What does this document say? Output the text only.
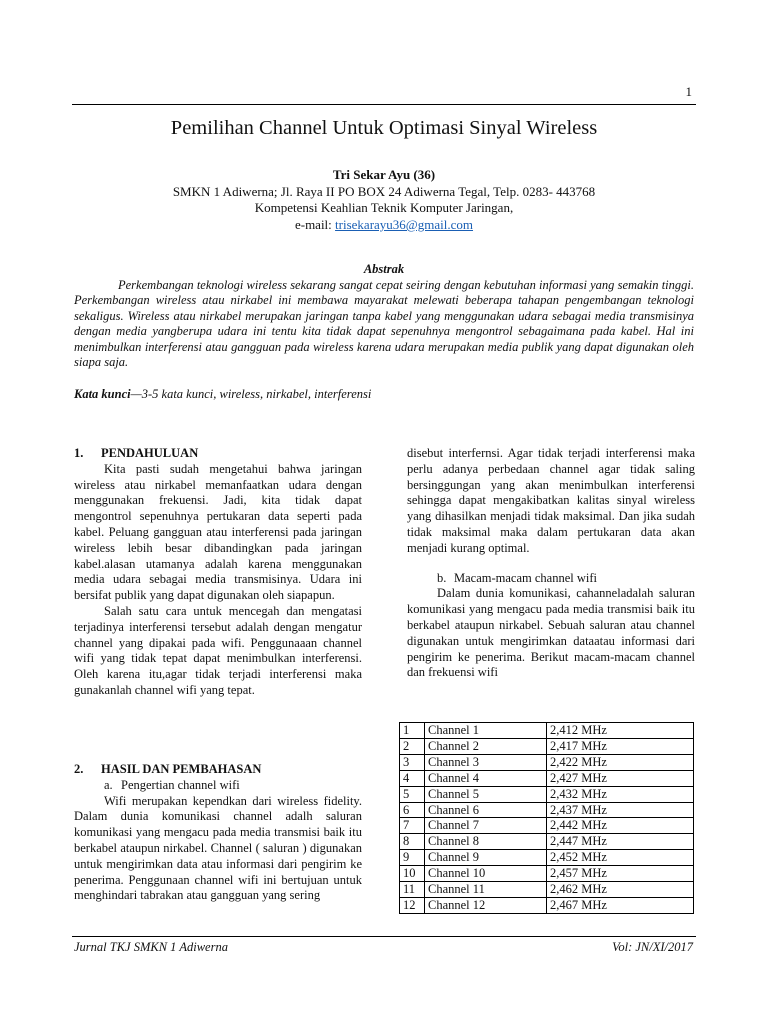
1
Pemilihan Channel Untuk Optimasi Sinyal Wireless
Tri Sekar Ayu (36)
SMKN 1 Adiwerna; Jl. Raya II PO BOX 24 Adiwerna Tegal, Telp. 0283- 443768
Kompetensi Keahlian Teknik Komputer Jaringan,
e-mail: trisekarayu36@gmail.com
Abstrak

Perkembangan teknologi wireless sekarang sangat cepat seiring dengan kebutuhan informasi yang semakin tinggi. Perkembangan wireless atau nirkabel ini membawa mayarakat melewati beberapa tahapan pengembangan teknologi sekaligus. Wireless atau nirkabel merupakan jaringan tanpa kabel yang menggunakan udara sebagai media transmisinya dengan media yangberupa udara ini tentu kita tidak dapat sepenuhnya mengontrol sebagaimana pada kabel. Hal ini menimbulkan interferensi atau gangguan pada wireless karena udara merupakan media publik yang dapat digunakan oleh siapa saja.

Kata kunci—3-5 kata kunci, wireless, nirkabel, interferensi

1. PENDAHULUAN

Kita pasti sudah mengetahui bahwa jaringan wireless atau nirkabel memanfaatkan udara dengan menggunakan frekuensi. Jadi, kita tidak dapat mengontrol sepenuhnya pertukaran data seperti pada kabel. Peluang gangguan atau interferensi pada jaringan wireless lebih besar dibandingkan pada jaringan kabel.alasan utamanya adalah karena menggunakan media udara sebagai media transmisinya. Udara ini bersifat publik yang dapat digunakan oleh siapapun.

Salah satu cara untuk mencegah dan mengatasi terjadinya interferensi tersebut adalah dengan mengatur channel yang dipakai pada wifi. Penggunaaan channel wifi yang tidak tepat dapat menimbulkan interferensi. Oleh karena itu,agar tidak terjadi interferensi maka gunakanlah channel wifi yang tepat.

2. HASIL DAN PEMBAHASAN

a. Pengertian channel wifi

Wifi merupakan kependkan dari wireless fidelity. Dalam dunia komunikasi channel adalh saluran komunikasi yang mengacu pada media transmisi baik itu berkabel ataupun nirkabel. Channel ( saluran ) digunakan untuk mengirimkan data atau informasi dari pengirim ke penerima. Penggunaan channel wifi ini bertujuan untuk menghindari tabrakan atau gangguan yang sering

disebut interfernsi. Agar tidak terjadi interferensi maka perlu adanya perbedaan channel agar tidak saling bersinggungan yang akan menimbulkan interferensi sehingga dapat mengakibatkan kalitas sinyal wireless yang dihasilkan menjadi tidak maksimal. Dan jika sudah tidak maksimal maka dalam pertukaran data akan menjadi kurang optimal.

b. Macam-macam channel wifi

Dalam dunia komunikasi, cahanneladalah saluran komunikasi yang mengacu pada media transmisi baik itu berkabel ataupun nirkabel. Sebuah saluran atau channel digunakan untuk mengirimkan dataatau informasi dari pengirim ke penerima. Berikut macam-macam channel dan frekuensi wifi

1	Channel 1	2,412 MHz
2	Channel 2	2,417 MHz
3	Channel 3	2,422 MHz
4	Channel 4	2,427 MHz
5	Channel 5	2,432 MHz
6	Channel 6	2,437 MHz
7	Channel 7	2,442 MHz
8	Channel 8	2,447 MHz
9	Channel 9	2,452 MHz
10	Channel 10	2,457 MHz
11	Channel 11	2,462 MHz
12	Channel 12	2,467 MHz
Jurnal TKJ SMKN 1 Adiwerna	Vol: JN/XI/2017
